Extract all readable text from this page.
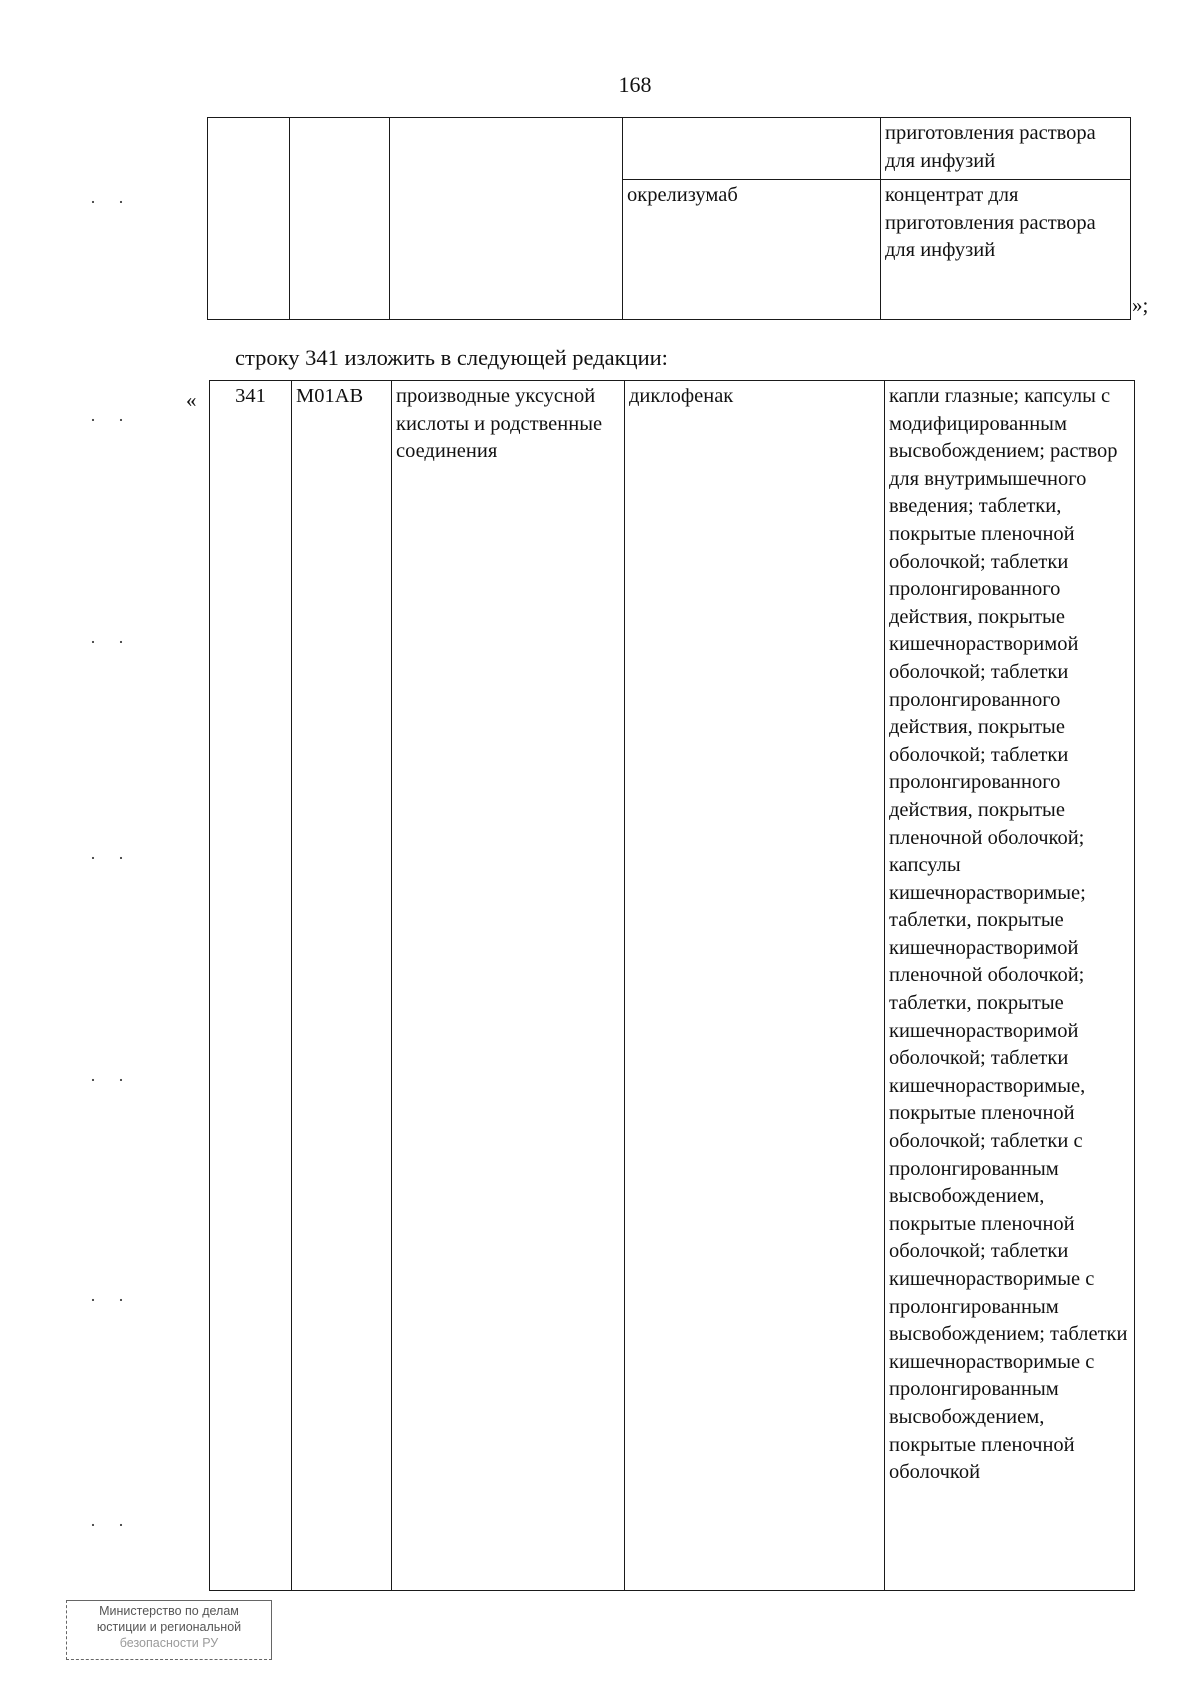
168
				приготовления раствора для инфузий
			окрелизумаб	концентрат для приготовления раствора для инфузий
»;
строку 341 изложить в следующей редакции:
« 341	M01AB	производные уксусной кислоты и родственные соединения	диклофенак	капли глазные; капсулы с модифицированным высвобождением; раствор для внутримышечного введения; таблетки, покрытые пленочной оболочкой; таблетки пролонгированного действия, покрытые кишечнорастворимой оболочкой; таблетки пролонгированного действия, покрытые оболочкой; таблетки пролонгированного действия, покрытые пленочной оболочкой; капсулы кишечнорастворимые; таблетки, покрытые кишечнорастворимой пленочной оболочкой; таблетки, покрытые кишечнорастворимой оболочкой; таблетки кишечнорастворимые, покрытые пленочной оболочкой; таблетки с пролонгированным высвобождением, покрытые пленочной оболочкой; таблетки кишечнорастворимые с пролонгированным высвобождением; таблетки кишечнорастворимые с пролонгированным высвобождением, покрытые пленочной оболочкой
··
··
··
··
··
··
··
Министерство по делам
юстиции и региональной
безопасности РУ
